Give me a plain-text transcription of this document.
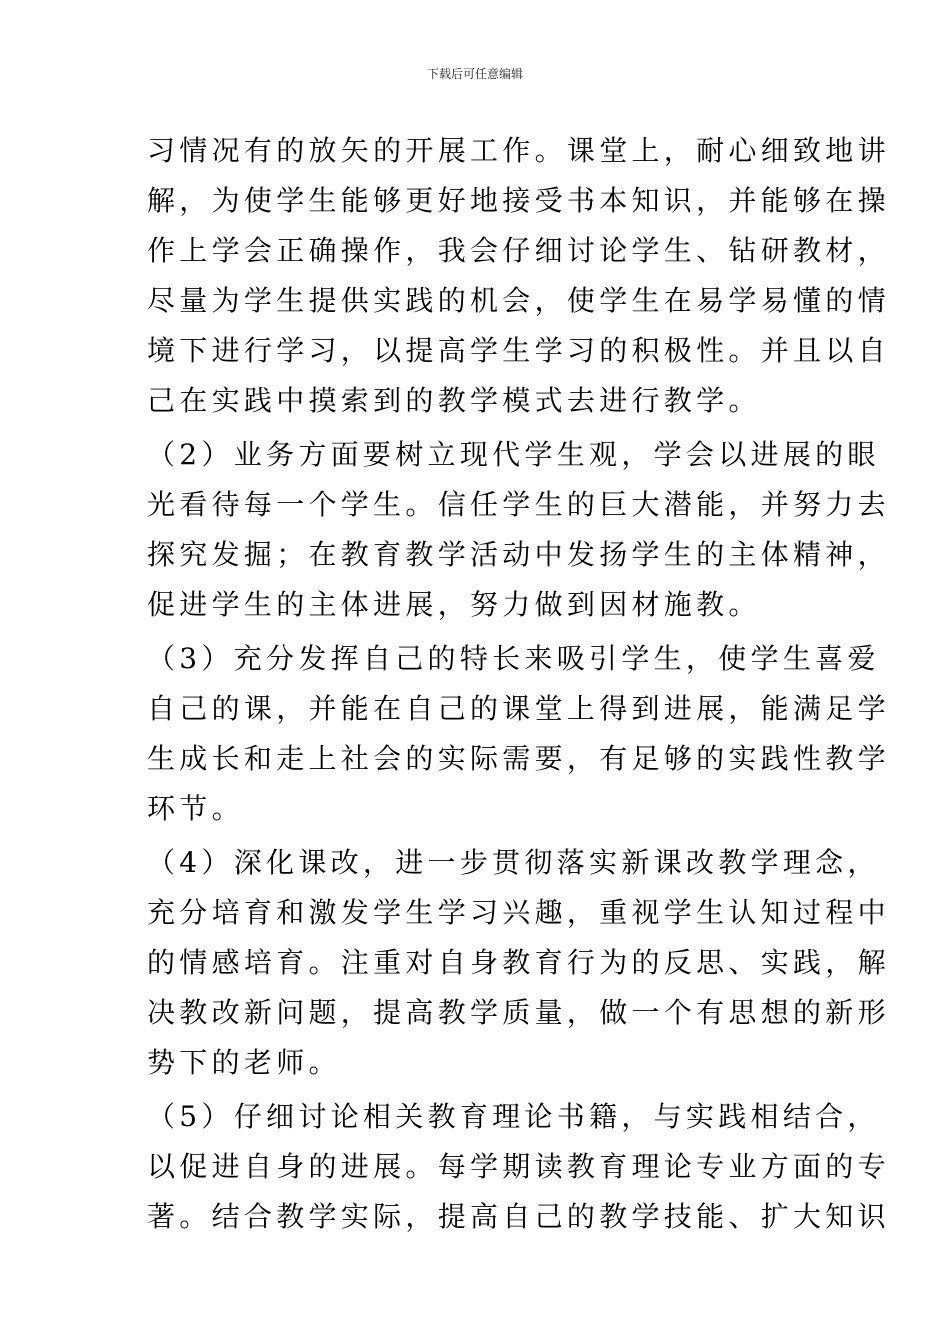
下载后可任意编辑
习情况有的放矢的开展工作。课堂上，耐心细致地讲
解，为使学生能够更好地接受书本知识，并能够在操
作上学会正确操作，我会仔细讨论学生、钻研教材，
尽量为学生提供实践的机会，使学生在易学易懂的情
境下进行学习，以提高学生学习的积极性。并且以自
己在实践中摸索到的教学模式去进行教学。
（2）业务方面要树立现代学生观，学会以进展的眼
光看待每一个学生。信任学生的巨大潜能，并努力去
探究发掘；在教育教学活动中发扬学生的主体精神，
促进学生的主体进展，努力做到因材施教。
（3）充分发挥自己的特长来吸引学生，使学生喜爱
自己的课，并能在自己的课堂上得到进展，能满足学
生成长和走上社会的实际需要，有足够的实践性教学
环节。
（4）深化课改，进一步贯彻落实新课改教学理念，
充分培育和激发学生学习兴趣，重视学生认知过程中
的情感培育。注重对自身教育行为的反思、实践，解
决教改新问题，提高教学质量，做一个有思想的新形
势下的老师。
（5）仔细讨论相关教育理论书籍，与实践相结合，
以促进自身的进展。每学期读教育理论专业方面的专
著。结合教学实际，提高自己的教学技能、扩大知识
